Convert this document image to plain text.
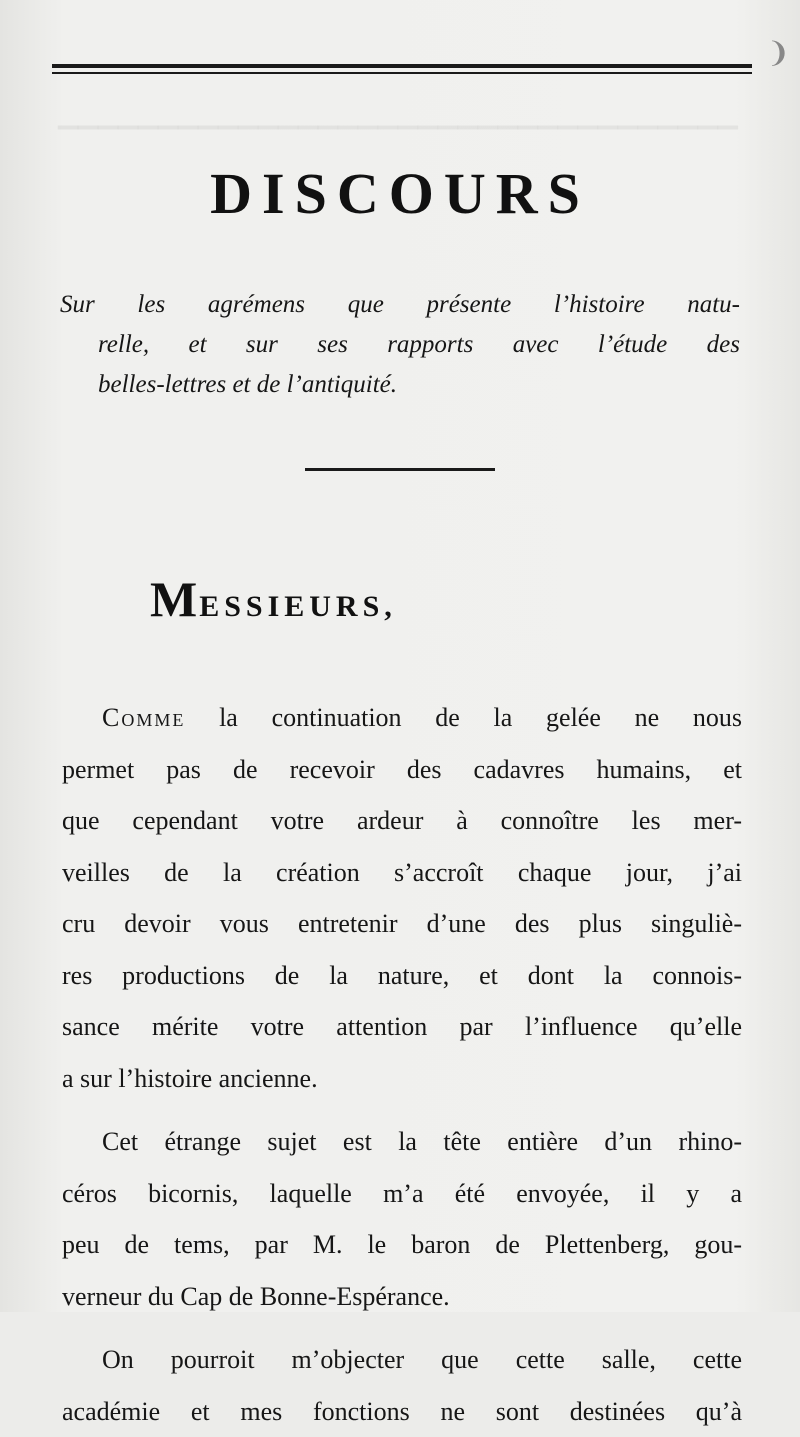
❩
▁▁▁▁▁▁▁▁▁▁▁▁▁▁▁▁▁▁▁▁▁▁▁▁▁▁▁▁▁▁▁▁▁▁
DISCOURS
Sur les agrémens que présente l’histoire natu-
relle, et sur ses rapports avec l’étude des
belles-lettres et de l’antiquité.
MESSIEURS,

Comme la continuation de la gelée ne nous
permet pas de recevoir des cadavres humains, et
que cependant votre ardeur à connoître les mer-
veilles de la création s’accroît chaque jour, j’ai
cru devoir vous entretenir d’une des plus singuliè-
res productions de la nature, et dont la connois-
sance mérite votre attention par l’influence qu’elle
a sur l’histoire ancienne.

Cet étrange sujet est la tête entière d’un rhino-
céros bicornis, laquelle m’a été envoyée, il y a
peu de tems, par M. le baron de Plettenberg, gou-
verneur du Cap de Bonne-Espérance.

On pourroit m’objecter que cette salle, cette
académie et mes fonctions ne sont destinées qu’à
